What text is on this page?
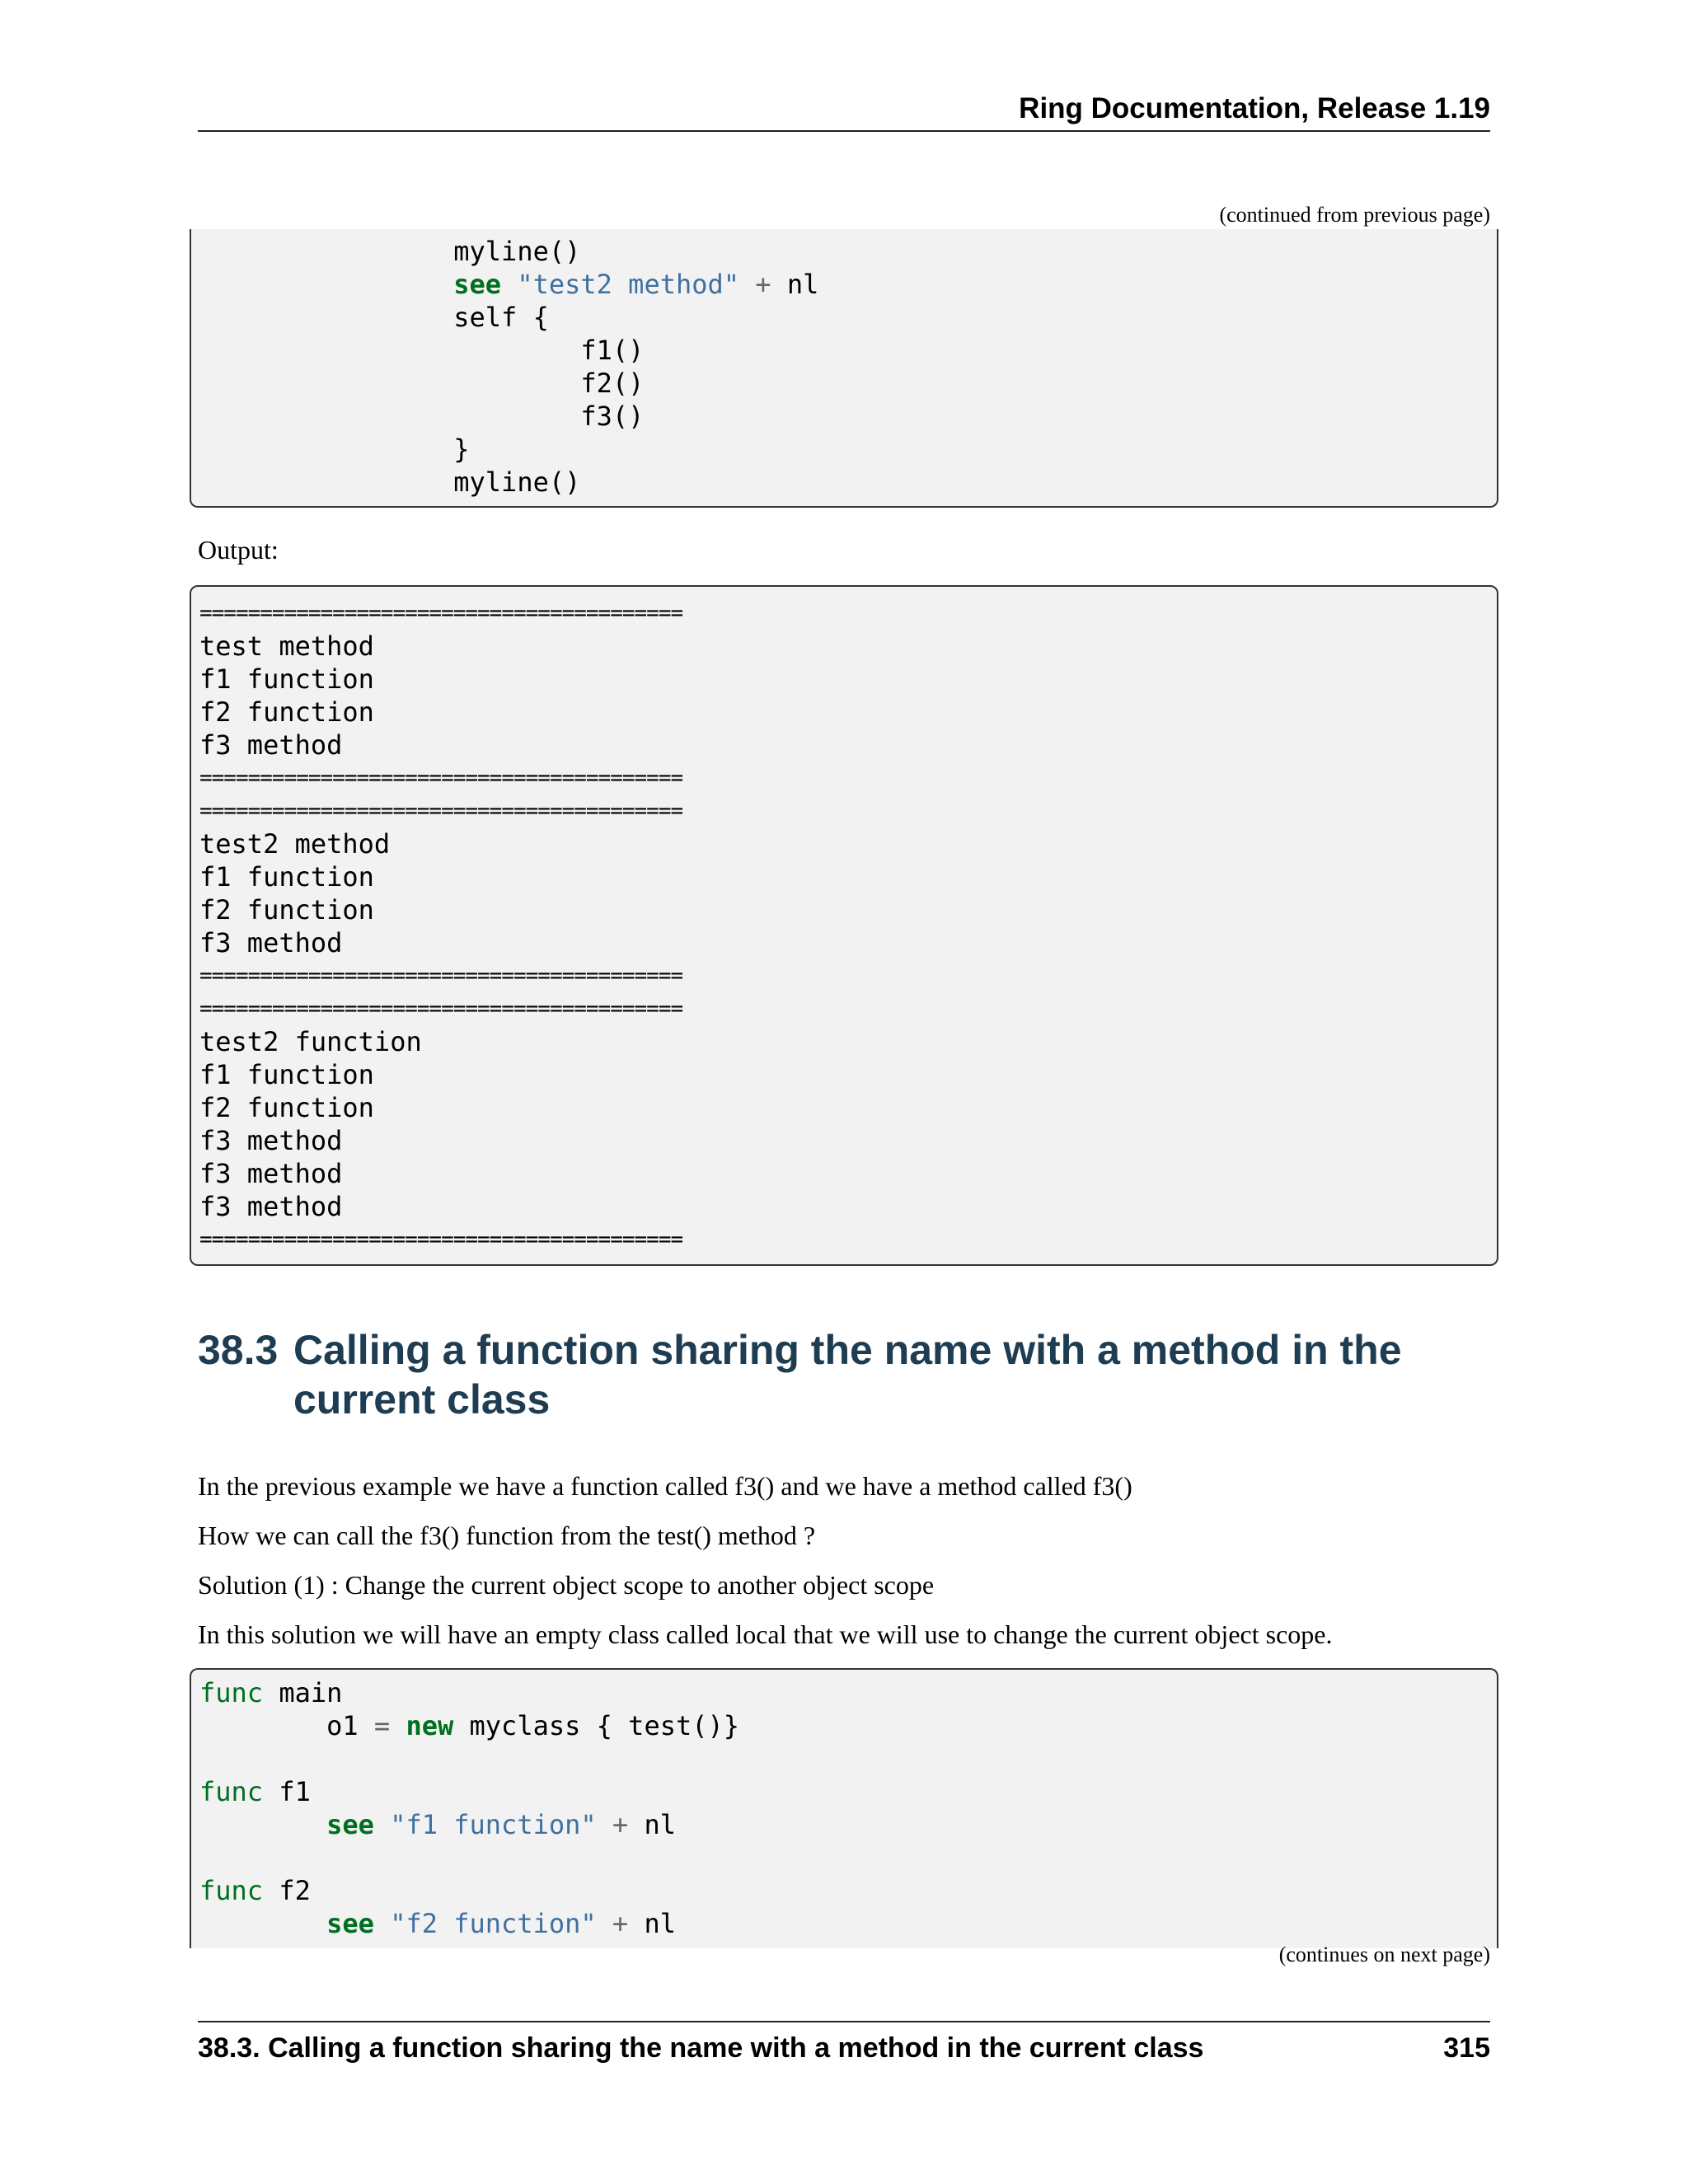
Ring Documentation, Release 1.19
(continued from previous page)
myline()
see "test2 method" + nl
self {
f1()
f2()
f3()
}
myline()
Output:
========================================
test method
f1 function
f2 function
f3 method
========================================
========================================
test2 method
f1 function
f2 function
f3 method
========================================
========================================
test2 function
f1 function
f2 function
f3 method
f3 method
f3 method
========================================
38.3 Calling a function sharing the name with a method in the current class
In the previous example we have a function called f3() and we have a method called f3()
How we can call the f3() function from the test() method ?
Solution (1) : Change the current object scope to another object scope
In this solution we will have an empty class called local that we will use to change the current object scope.
func main
o1 = new myclass { test()}
func f1
see "f1 function" + nl
func f2
see "f2 function" + nl
(continues on next page)
38.3. Calling a function sharing the name with a method in the current class	315
